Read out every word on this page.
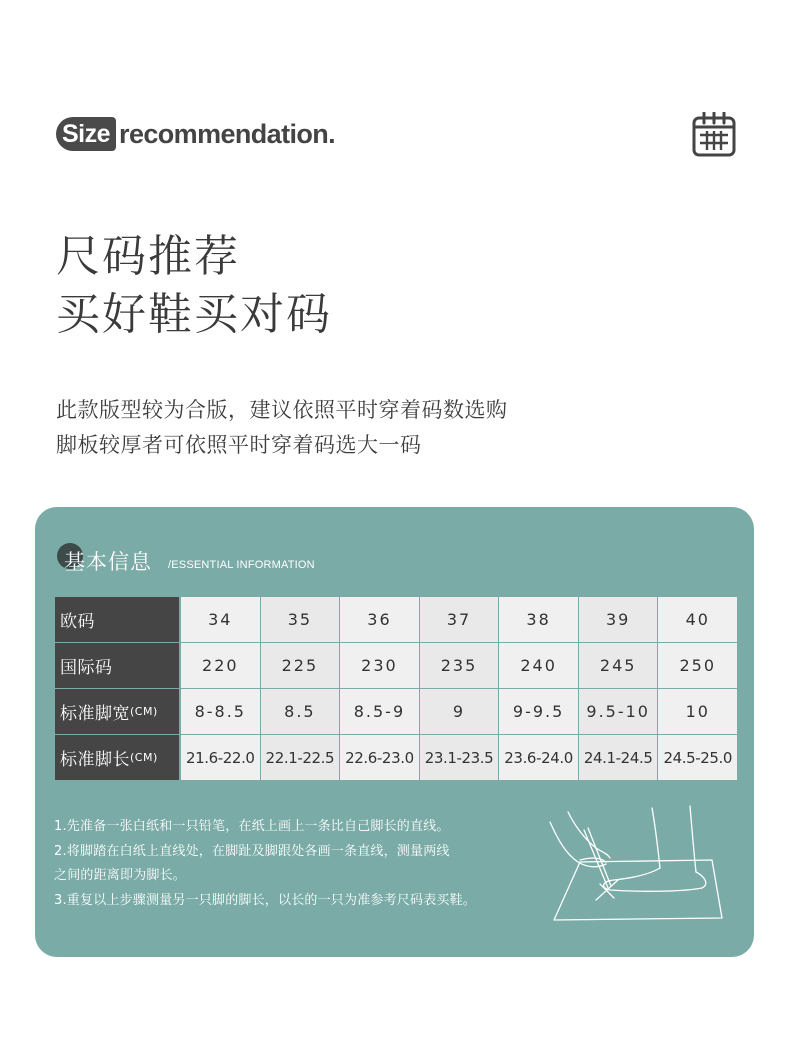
Size recommendation.
尺码推荐
买好鞋买对码
此款版型较为合版，建议依照平时穿着码数选购
脚板较厚者可依照平时穿着码选大一码
基本信息 /ESSENTIAL INFORMATION
欧码	34	35	36	37	38	39	40
国际码	220	225	230	235	240	245	250
标准脚宽 (CM)	8-8.5	8.5	8.5-9	9	9-9.5	9.5-10	10
标准脚长 (CM)	21.6-22.0 22.1-22.5 22.6-23.0 23.1-23.5 23.6-24.0 24.1-24.5 24.5-25.0
1.先准备一张白纸和一只铅笔，在纸上画上一条比自己脚长的直线。
2.将脚踏在白纸上直线处，在脚趾及脚跟处各画一条直线，测量两线
之间的距离即为脚长。
3.重复以上步骤测量另一只脚的脚长，以长的一只为准参考尺码表买鞋。
